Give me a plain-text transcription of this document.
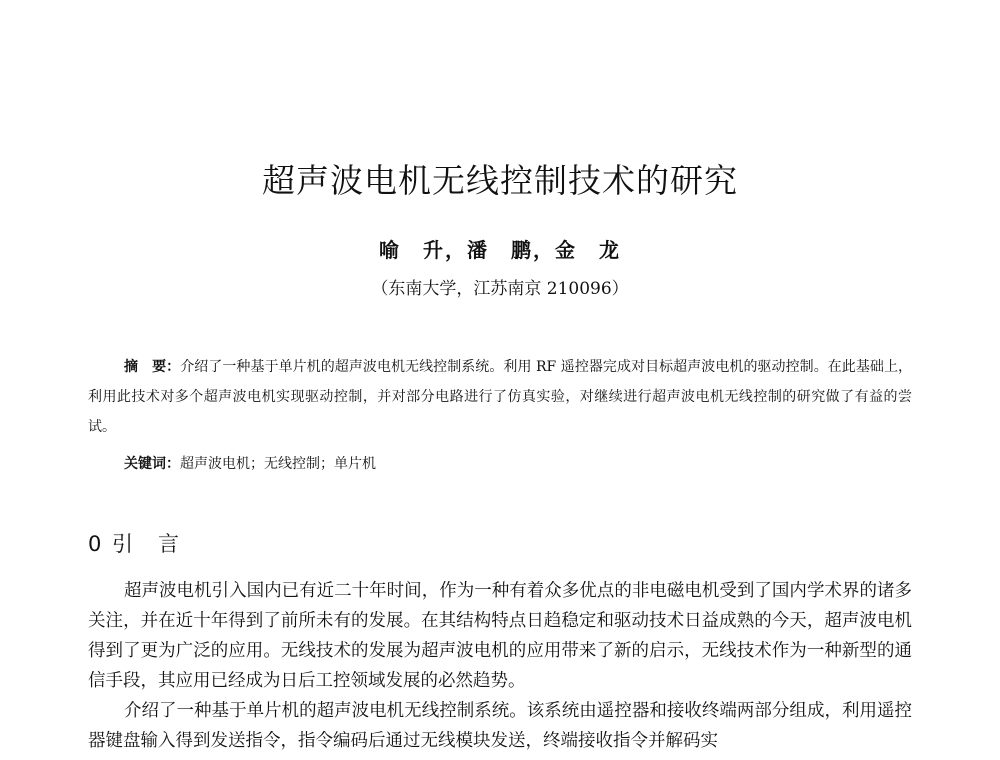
超声波电机无线控制技术的研究
喻　升，潘　鹏，金　龙
（东南大学，江苏南京 210096）
摘　要：介绍了一种基于单片机的超声波电机无线控制系统。利用 RF 遥控器完成对目标超声波电机的驱动控制。在此基础上，利用此技术对多个超声波电机实现驱动控制，并对部分电路进行了仿真实验，对继续进行超声波电机无线控制的研究做了有益的尝试。
关键词：超声波电机；无线控制；单片机
0 引　言

超声波电机引入国内已有近二十年时间，作为一种有着众多优点的非电磁电机受到了国内学术界的诸多关注，并在近十年得到了前所未有的发展。在其结构特点日趋稳定和驱动技术日益成熟的今天，超声波电机得到了更为广泛的应用。无线技术的发展为超声波电机的应用带来了新的启示，无线技术作为一种新型的通信手段，其应用已经成为日后工控领域发展的必然趋势。

介绍了一种基于单片机的超声波电机无线控制系统。该系统由遥控器和接收终端两部分组成，利用遥控器键盘输入得到发送指令，指令编码后通过无线模块发送，终端接收指令并解码实
